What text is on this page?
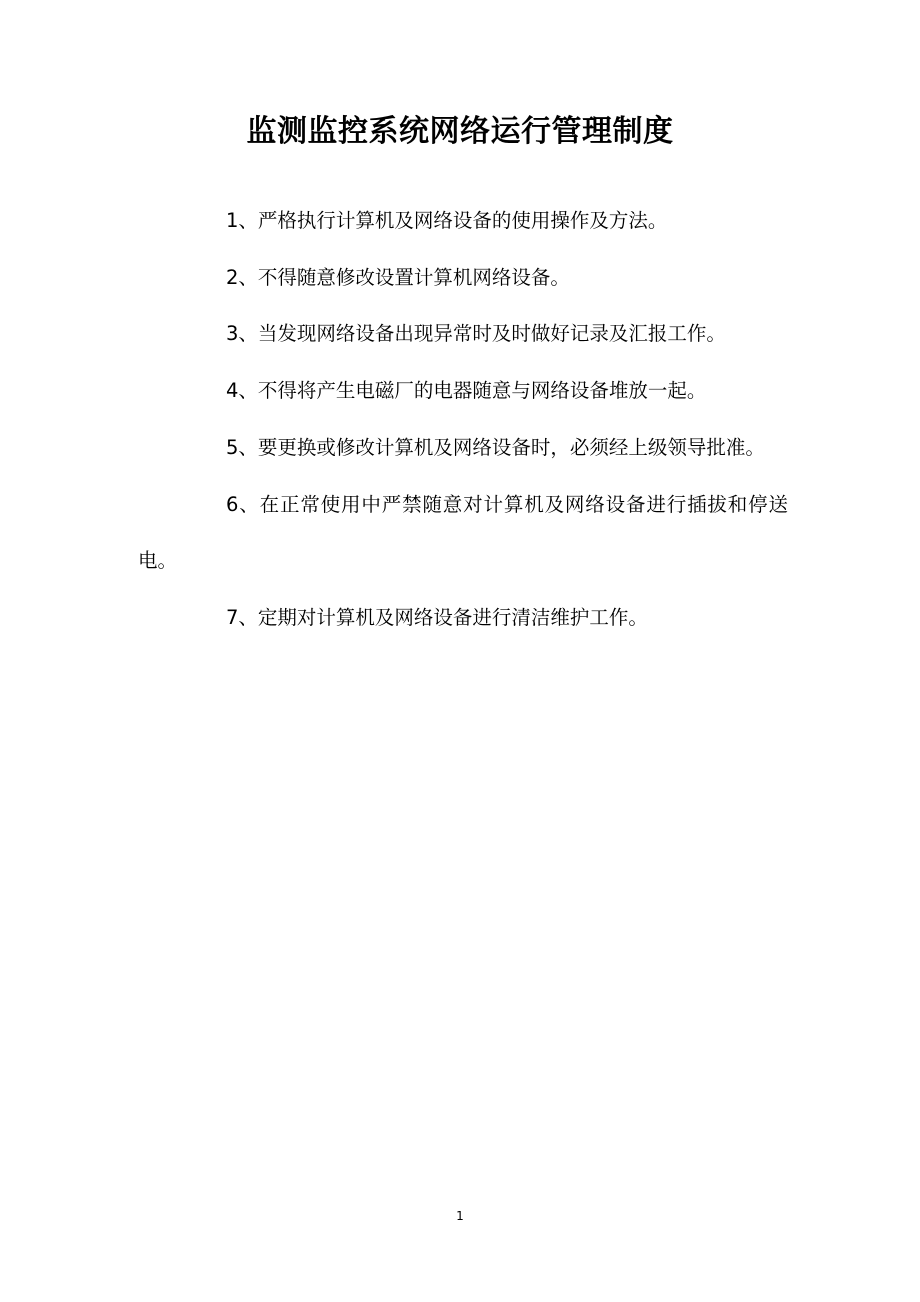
监测监控系统网络运行管理制度

1、严格执行计算机及网络设备的使用操作及方法。

2、不得随意修改设置计算机网络设备。

3、当发现网络设备出现异常时及时做好记录及汇报工作。

4、不得将产生电磁厂的电器随意与网络设备堆放一起。

5、要更换或修改计算机及网络设备时，必须经上级领导批准。

6、在正常使用中严禁随意对计算机及网络设备进行插拔和停送电。

7、定期对计算机及网络设备进行清洁维护工作。

1
